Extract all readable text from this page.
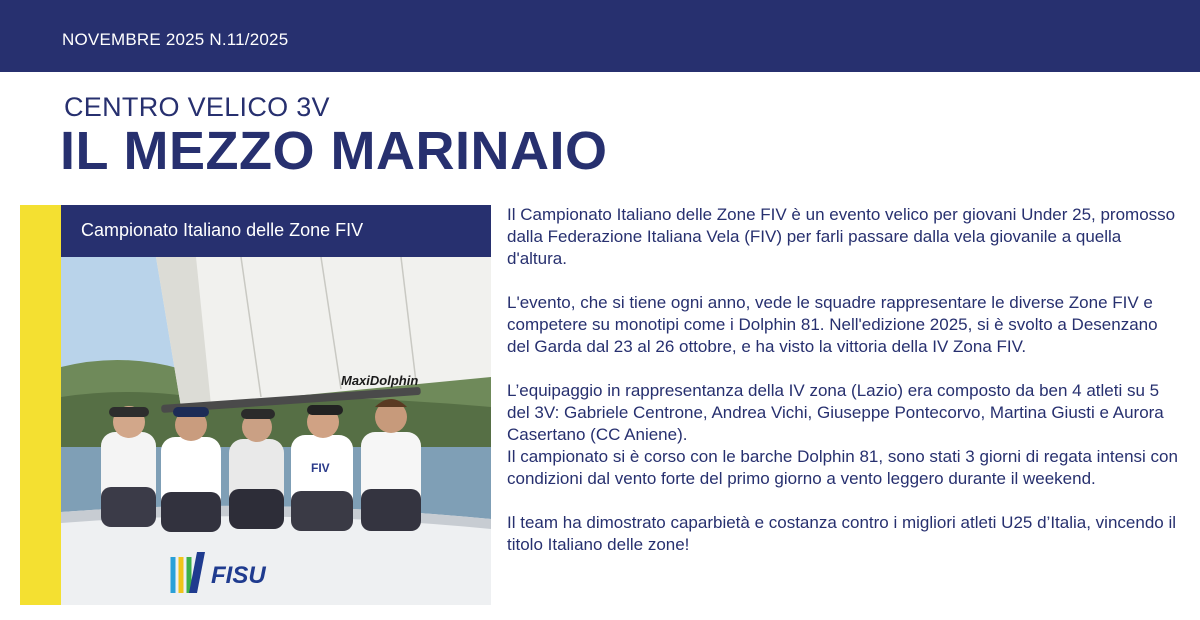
NOVEMBRE 2025 N.11/2025
CENTRO VELICO 3V
IL MEZZO MARINAIO
Campionato Italiano delle Zone FIV
MaxiDolphin
FIV
FISU

Il Campionato Italiano delle Zone FIV è un evento velico per giovani Under 25, promosso dalla Federazione Italiana Vela (FIV) per farli passare dalla vela giovanile a quella d'altura.

L'evento, che si tiene ogni anno, vede le squadre rappresentare le diverse Zone FIV e competere su monotipi come i Dolphin 81. Nell'edizione 2025, si è svolto a Desenzano del Garda dal 23 al 26 ottobre, e ha visto la vittoria della IV Zona FIV.

L’equipaggio in rappresentanza della IV zona (Lazio) era composto da ben 4 atleti su 5 del 3V: Gabriele Centrone, Andrea Vichi, Giuseppe Pontecorvo, Martina Giusti e Aurora Casertano (CC Aniene).

Il campionato si è corso con le barche Dolphin 81, sono stati 3 giorni di regata intensi con condizioni dal vento forte del primo giorno a vento leggero durante il weekend.

Il team ha dimostrato caparbietà e costanza contro i migliori atleti U25 d’Italia, vincendo il titolo Italiano delle zone!
